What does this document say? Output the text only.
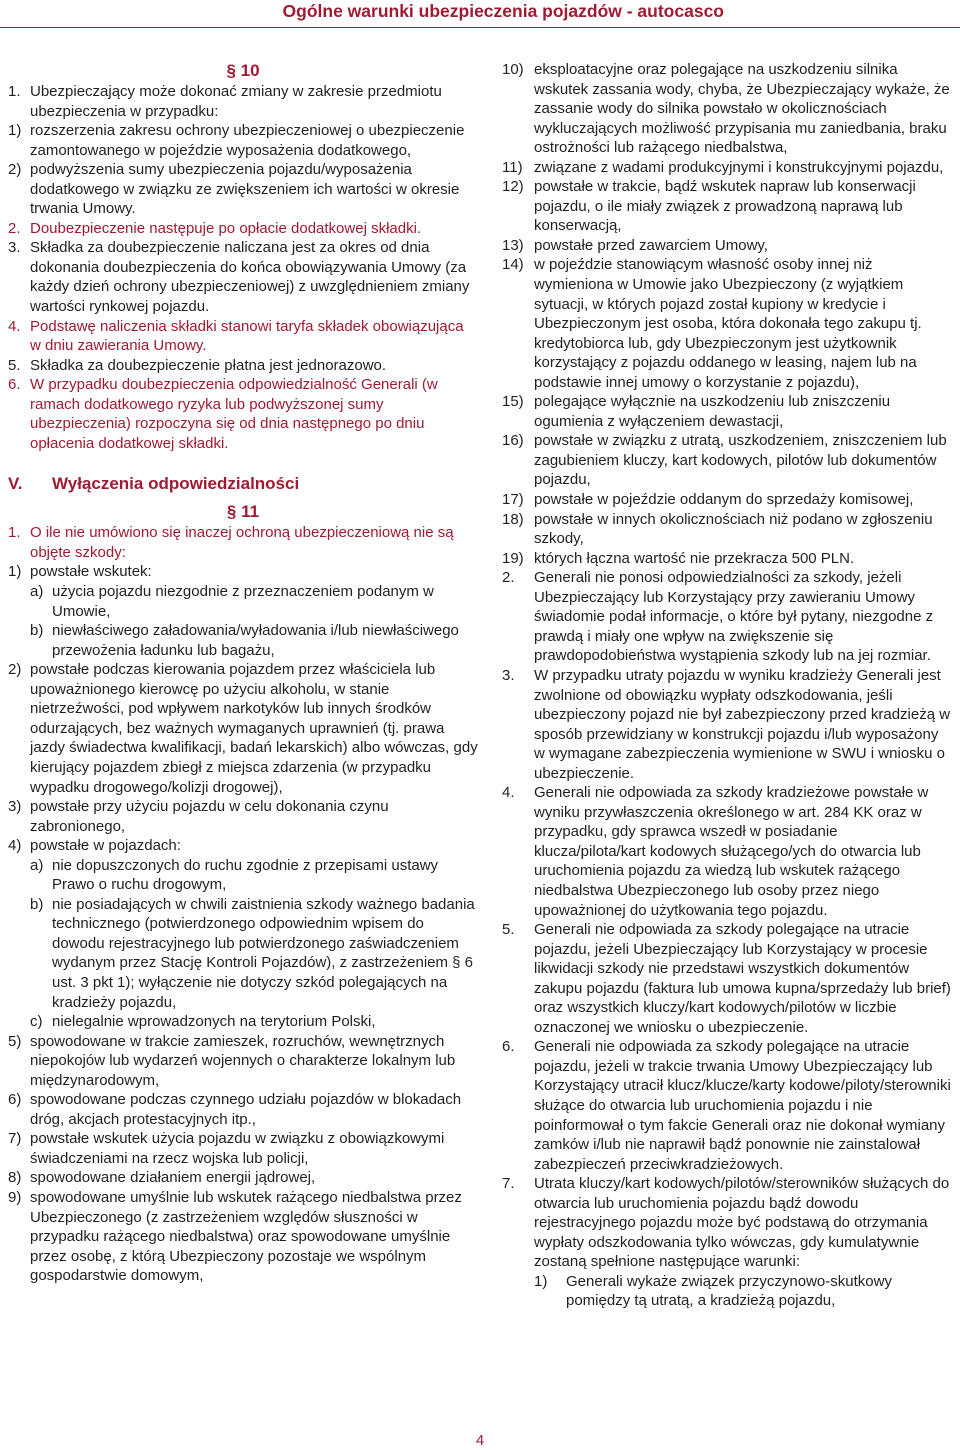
Ogólne warunki ubezpieczenia pojazdów - autocasco
§ 10
1. Ubezpieczający może dokonać zmiany w zakresie przedmiotu ubezpieczenia w przypadku:
1) rozszerzenia zakresu ochrony ubezpieczeniowej o ubezpieczenie zamontowanego w pojeździe wyposażenia dodatkowego,
2) podwyższenia sumy ubezpieczenia pojazdu/wyposażenia dodatkowego w związku ze zwiększeniem ich wartości w okresie trwania Umowy.
2. Doubezpieczenie następuje po opłacie dodatkowej składki.
3. Składka za doubezpieczenie naliczana jest za okres od dnia dokonania doubezpieczenia do końca obowiązywania Umowy (za każdy dzień ochrony ubezpieczeniowej) z uwzględnieniem zmiany wartości rynkowej pojazdu.
4. Podstawę naliczenia składki stanowi taryfa składek obowiązująca w dniu zawierania Umowy.
5. Składka za doubezpieczenie płatna jest jednorazowo.
6. W przypadku doubezpieczenia odpowiedzialność Generali (w ramach dodatkowego ryzyka lub podwyższonej sumy ubezpieczenia) rozpoczyna się od dnia następnego po dniu opłacenia dodatkowej składki.
V. Wyłączenia odpowiedzialności
§ 11
1. O ile nie umówiono się inaczej ochroną ubezpieczeniową nie są objęte szkody:
1) powstałe wskutek:
a) użycia pojazdu niezgodnie z przeznaczeniem podanym w Umowie,
b) niewłaściwego załadowania/wyładowania i/lub niewłaściwego przewożenia ładunku lub bagażu,
2) powstałe podczas kierowania pojazdem przez właściciela lub upoważnionego kierowcę po użyciu alkoholu, w stanie nietrzeźwości, pod wpływem narkotyków lub innych środków odurzających, bez ważnych wymaganych uprawnień (tj. prawa jazdy świadectwa kwalifikacji, badań lekarskich) albo wówczas, gdy kierujący pojazdem zbiegł z miejsca zdarzenia (w przypadku wypadku drogowego/kolizji drogowej),
3) powstałe przy użyciu pojazdu w celu dokonania czynu zabronionego,
4) powstałe w pojazdach:
a) nie dopuszczonych do ruchu zgodnie z przepisami ustawy Prawo o ruchu drogowym,
b) nie posiadających w chwili zaistnienia szkody ważnego badania technicznego (potwierdzonego odpowiednim wpisem do dowodu rejestracyjnego lub potwierdzonego zaświadczeniem wydanym przez Stację Kontroli Pojazdów), z zastrzeżeniem § 6 ust. 3 pkt 1); wyłączenie nie dotyczy szkód polegających na kradzieży pojazdu,
c) nielegalnie wprowadzonych na terytorium Polski,
5) spowodowane w trakcie zamieszek, rozruchów, wewnętrznych niepokojów lub wydarzeń wojennych o charakterze lokalnym lub międzynarodowym,
6) spowodowane podczas czynnego udziału pojazdów w blokadach dróg, akcjach protestacyjnych itp.,
7) powstałe wskutek użycia pojazdu w związku z obowiązkowymi świadczeniami na rzecz wojska lub policji,
8) spowodowane działaniem energii jądrowej,
9) spowodowane umyślnie lub wskutek rażącego niedbalstwa przez Ubezpieczonego (z zastrzeżeniem względów słuszności w przypadku rażącego niedbalstwa) oraz spowodowane umyślnie przez osobę, z którą Ubezpieczony pozostaje we wspólnym gospodarstwie domowym,
10) eksploatacyjne oraz polegające na uszkodzeniu silnika wskutek zassania wody, chyba, że Ubezpieczający wykaże, że zassanie wody do silnika powstało w okolicznościach wykluczających możliwość przypisania mu zaniedbania, braku ostrożności lub rażącego niedbalstwa,
11) związane z wadami produkcyjnymi i konstrukcyjnymi pojazdu,
12) powstałe w trakcie, bądź wskutek napraw lub konserwacji pojazdu, o ile miały związek z prowadzoną naprawą lub konserwacją,
13) powstałe przed zawarciem Umowy,
14) w pojeździe stanowiącym własność osoby innej niż wymieniona w Umowie jako Ubezpieczony (z wyjątkiem sytuacji, w których pojazd został kupiony w kredycie i Ubezpieczonym jest osoba, która dokonała tego zakupu tj. kredytobiorca lub, gdy Ubezpieczonym jest użytkownik korzystający z pojazdu oddanego w leasing, najem lub na podstawie innej umowy o korzystanie z pojazdu),
15) polegające wyłącznie na uszkodzeniu lub zniszczeniu ogumienia z wyłączeniem dewastacji,
16) powstałe w związku z utratą, uszkodzeniem, zniszczeniem lub zagubieniem kluczy, kart kodowych, pilotów lub dokumentów pojazdu,
17) powstałe w pojeździe oddanym do sprzedaży komisowej,
18) powstałe w innych okolicznościach niż podano w zgłoszeniu szkody,
19) których łączna wartość nie przekracza 500 PLN.
2. Generali nie ponosi odpowiedzialności za szkody, jeżeli Ubezpieczający lub Korzystający przy zawieraniu Umowy świadomie podał informacje, o które był pytany, niezgodne z prawdą i miały one wpływ na zwiększenie się prawdopodobieństwa wystąpienia szkody lub na jej rozmiar.
3. W przypadku utraty pojazdu w wyniku kradzieży Generali jest zwolnione od obowiązku wypłaty odszkodowania, jeśli ubezpieczony pojazd nie był zabezpieczony przed kradzieżą w sposób przewidziany w konstrukcji pojazdu i/lub wyposażony w wymagane zabezpieczenia wymienione w SWU i wniosku o ubezpieczenie.
4. Generali nie odpowiada za szkody kradzieżowe powstałe w wyniku przywłaszczenia określonego w art. 284 KK oraz w przypadku, gdy sprawca wszedł w posiadanie klucza/pilota/kart kodowych służącego/ych do otwarcia lub uruchomienia pojazdu za wiedzą lub wskutek rażącego niedbalstwa Ubezpieczonego lub osoby przez niego upoważnionej do użytkowania tego pojazdu.
5. Generali nie odpowiada za szkody polegające na utracie pojazdu, jeżeli Ubezpieczający lub Korzystający w procesie likwidacji szkody nie przedstawi wszystkich dokumentów zakupu pojazdu (faktura lub umowa kupna/sprzedaży lub brief) oraz wszystkich kluczy/kart kodowych/pilotów w liczbie oznaczonej we wniosku o ubezpieczenie.
6. Generali nie odpowiada za szkody polegające na utracie pojazdu, jeżeli w trakcie trwania Umowy Ubezpieczający lub Korzystający utracił klucz/klucze/karty kodowe/piloty/sterowniki służące do otwarcia lub uruchomienia pojazdu i nie poinformował o tym fakcie Generali oraz nie dokonał wymiany zamków i/lub nie naprawił bądź ponownie nie zainstalował zabezpieczeń przeciwkradzieżowych.
7. Utrata kluczy/kart kodowych/pilotów/sterowników służących do otwarcia lub uruchomienia pojazdu bądź dowodu rejestracyjnego pojazdu może być podstawą do otrzymania wypłaty odszkodowania tylko wówczas, gdy kumulatywnie zostaną spełnione następujące warunki:
1) Generali wykaże związek przyczynowo-skutkowy pomiędzy tą utratą, a kradzieżą pojazdu,
4
